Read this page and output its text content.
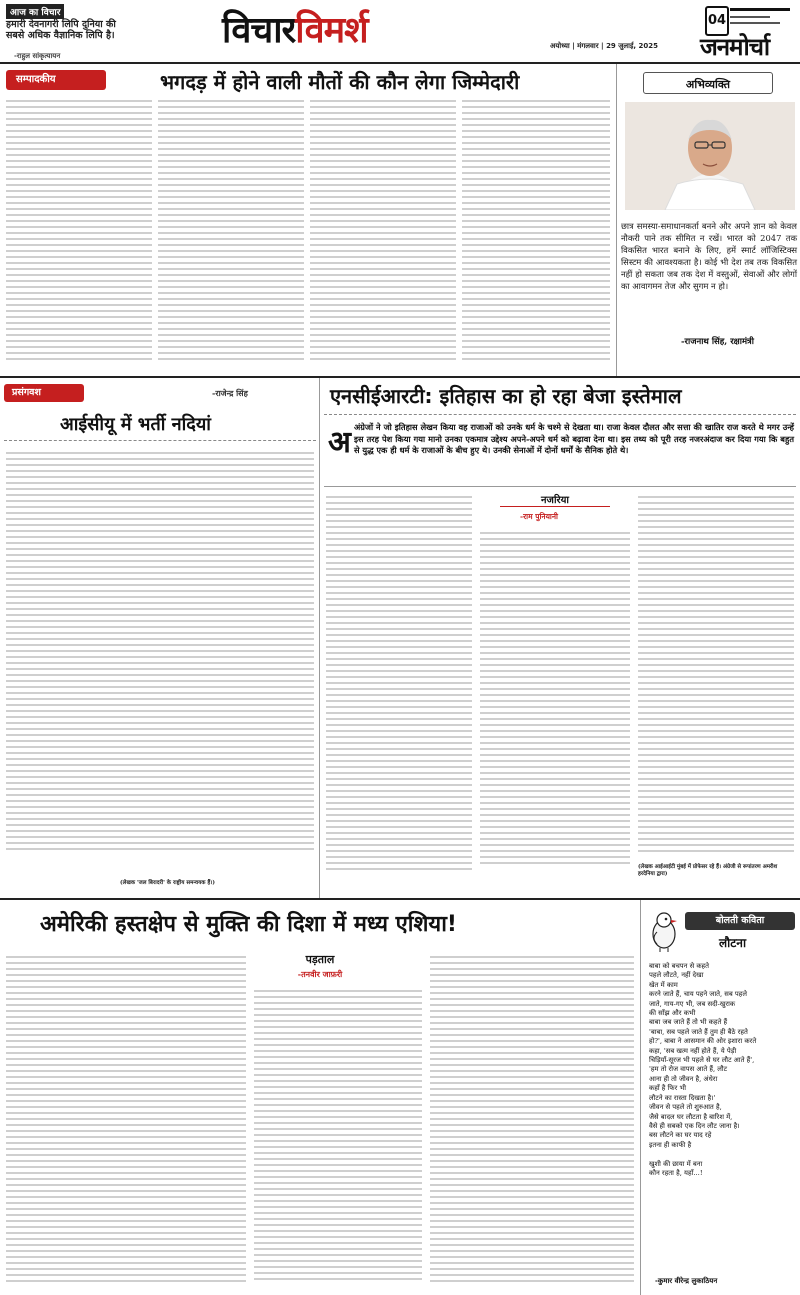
आज का विचार
हमारी देवनागरी लिपि दुनिया की सबसे अधिक वैज्ञानिक लिपि है।
-राहुल सांकृत्यायन
विचारविमर्श	अयोध्या | मंगलवार | 29 जुलाई, 2025
04
जनमोर्चा
सम्पादकीय	भगदड़ में होने वाली मौतों की कौन लेगा जिम्मेदारी	अभिव्यक्ति
छात्र समस्या-समाधानकर्ता बनने और अपने ज्ञान को केवल नौकरी पाने तक सीमित न रखें। भारत को 2047 तक विकसित भारत बनाने के लिए, हमें स्मार्ट लॉजिस्टिक्स सिस्टम की आवश्यकता है। कोई भी देश तब तक विकसित नहीं हो सकता जब तक देश में वस्तुओं, सेवाओं और लोगों का आवागमन तेज और सुगम न हो।
-राजनाथ सिंह, रक्षामंत्री
प्रसंगवश	-राजेन्द्र सिंह
आईसीयू में भर्ती नदियां
(लेखक 'जल बिरादरी' के राष्ट्रीय समन्वयक हैं।)
एनसीईआरटी: इतिहास का हो रहा बेजा इस्तेमाल
अ अंग्रेजों ने जो इतिहास लेखन किया वह राजाओं को उनके धर्म के चश्मे से देखता था। राजा केवल दौलत और सत्ता की खातिर राज करते थे मगर उन्हें इस तरह पेश किया गया मानो उनका एकमात्र उद्देश्य अपने-अपने धर्म को बढ़ावा देना था। इस तथ्य को पूरी तरह नजरअंदाज कर दिया गया कि बहुत से युद्ध एक ही धर्म के राजाओं के बीच हुए थे। उनकी सेनाओं में दोनों धर्मों के सैनिक होते थे।
नजरिया
-राम पुनियानी
(लेखक आईआईटी मुंबई में प्रोफेसर रहे हैं। अंग्रेजी से रूपांतरण अमरीश हरदेनिया द्वारा)
अमेरिकी हस्तक्षेप से मुक्ति की दिशा में मध्य एशिया!
पड़ताल
-तनवीर जाफ़री
बोलती कविता
लौटना
बाबा को बचपन से कहते
पहले लौटते, नहीं देखा
खेत में काम
करने जाते हैं, चाय पहने जाते, सब पहले
जाते, गाय-गए भी, जब सदी-खुराक
की साँझ और कभी
बाबा जब जाते हैं तो भी कहते हैं
'बाबा, सब पहले जाते हैं तुम ही बैठे रहते
हो?', बाबा ने आसमान की ओर इशारा करते
कहा, 'सब खत्म नहीं होते हैं, ये पेड़ी
चिड़ियाँ-सूरज भी पहले से घर लौट आते हैं',
'हम तो रोज वापस आते हैं, लौट
आना ही तो जीवन है, अंधेरा
कहाँ है फिर भी
लौटने का रास्ता दिखता है।'
जीवन से पहले तो शुरुआत है,
जैसे बादल घर लौटता है बारिश में,
वैसे ही सबको एक दिन लौट जाना है।
बस लौटने का घर याद रहे
इतना ही काफी है
खुशी की छाया में बना
कौन रहता है, यहाँ...!
-कुमार वीरेन्द्र लुकाठियन
